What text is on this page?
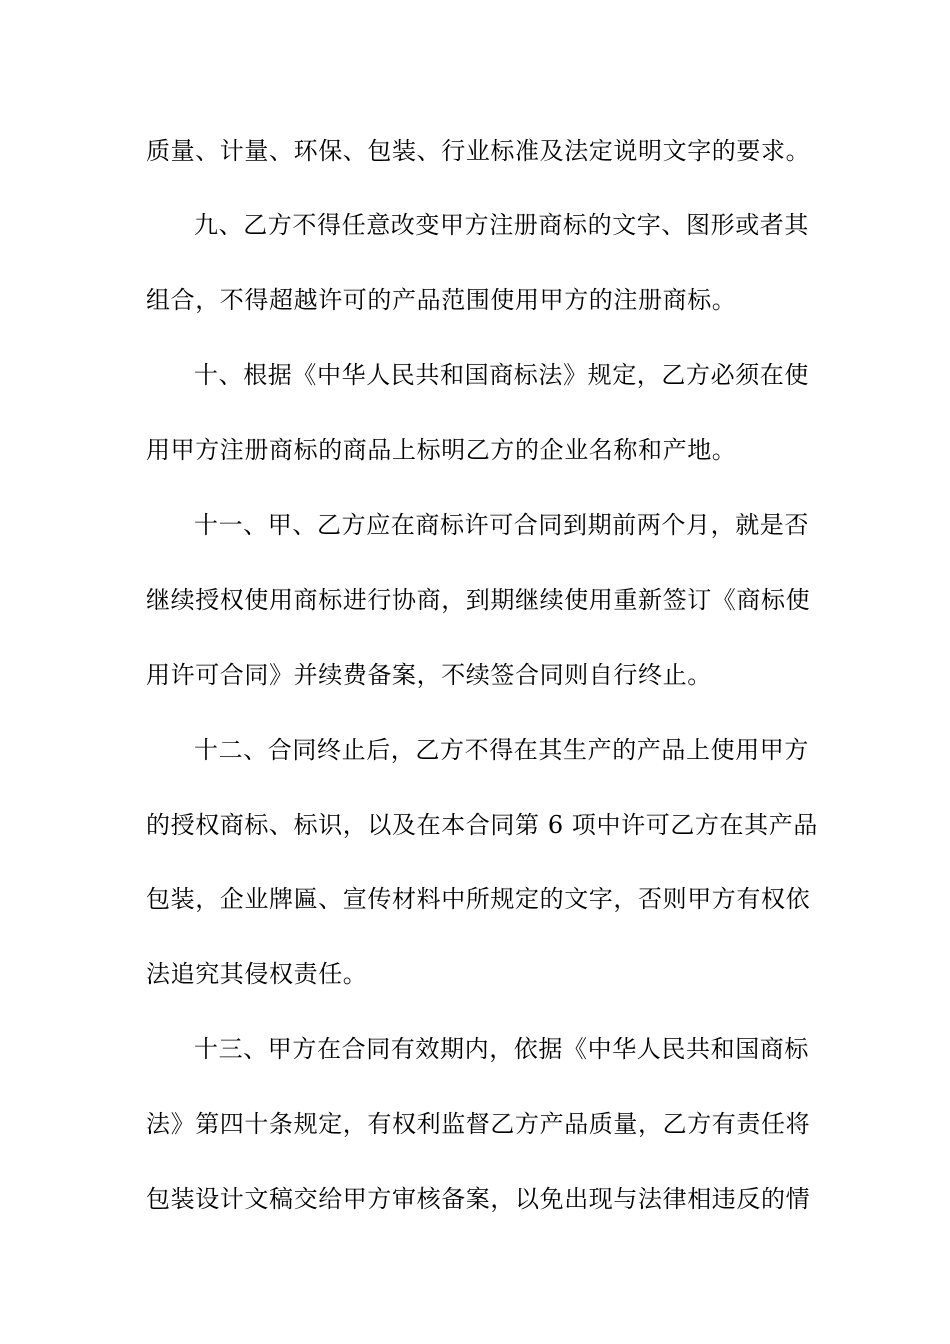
质量、计量、环保、包装、行业标准及法定说明文字的要求。
九、乙方不得任意改变甲方注册商标的文字、图形或者其
组合，不得超越许可的产品范围使用甲方的注册商标。
十、根据《中华人民共和国商标法》规定，乙方必须在使
用甲方注册商标的商品上标明乙方的企业名称和产地。
十一、甲、乙方应在商标许可合同到期前两个月，就是否
继续授权使用商标进行协商，到期继续使用重新签订《商标使
用许可合同》并续费备案，不续签合同则自行终止。
十二、合同终止后，乙方不得在其生产的产品上使用甲方
的授权商标、标识，以及在本合同第 6 项中许可乙方在其产品
包装，企业牌匾、宣传材料中所规定的文字，否则甲方有权依
法追究其侵权责任。
十三、甲方在合同有效期内，依据《中华人民共和国商标
法》第四十条规定，有权利监督乙方产品质量，乙方有责任将
包装设计文稿交给甲方审核备案，以免出现与法律相违反的情
